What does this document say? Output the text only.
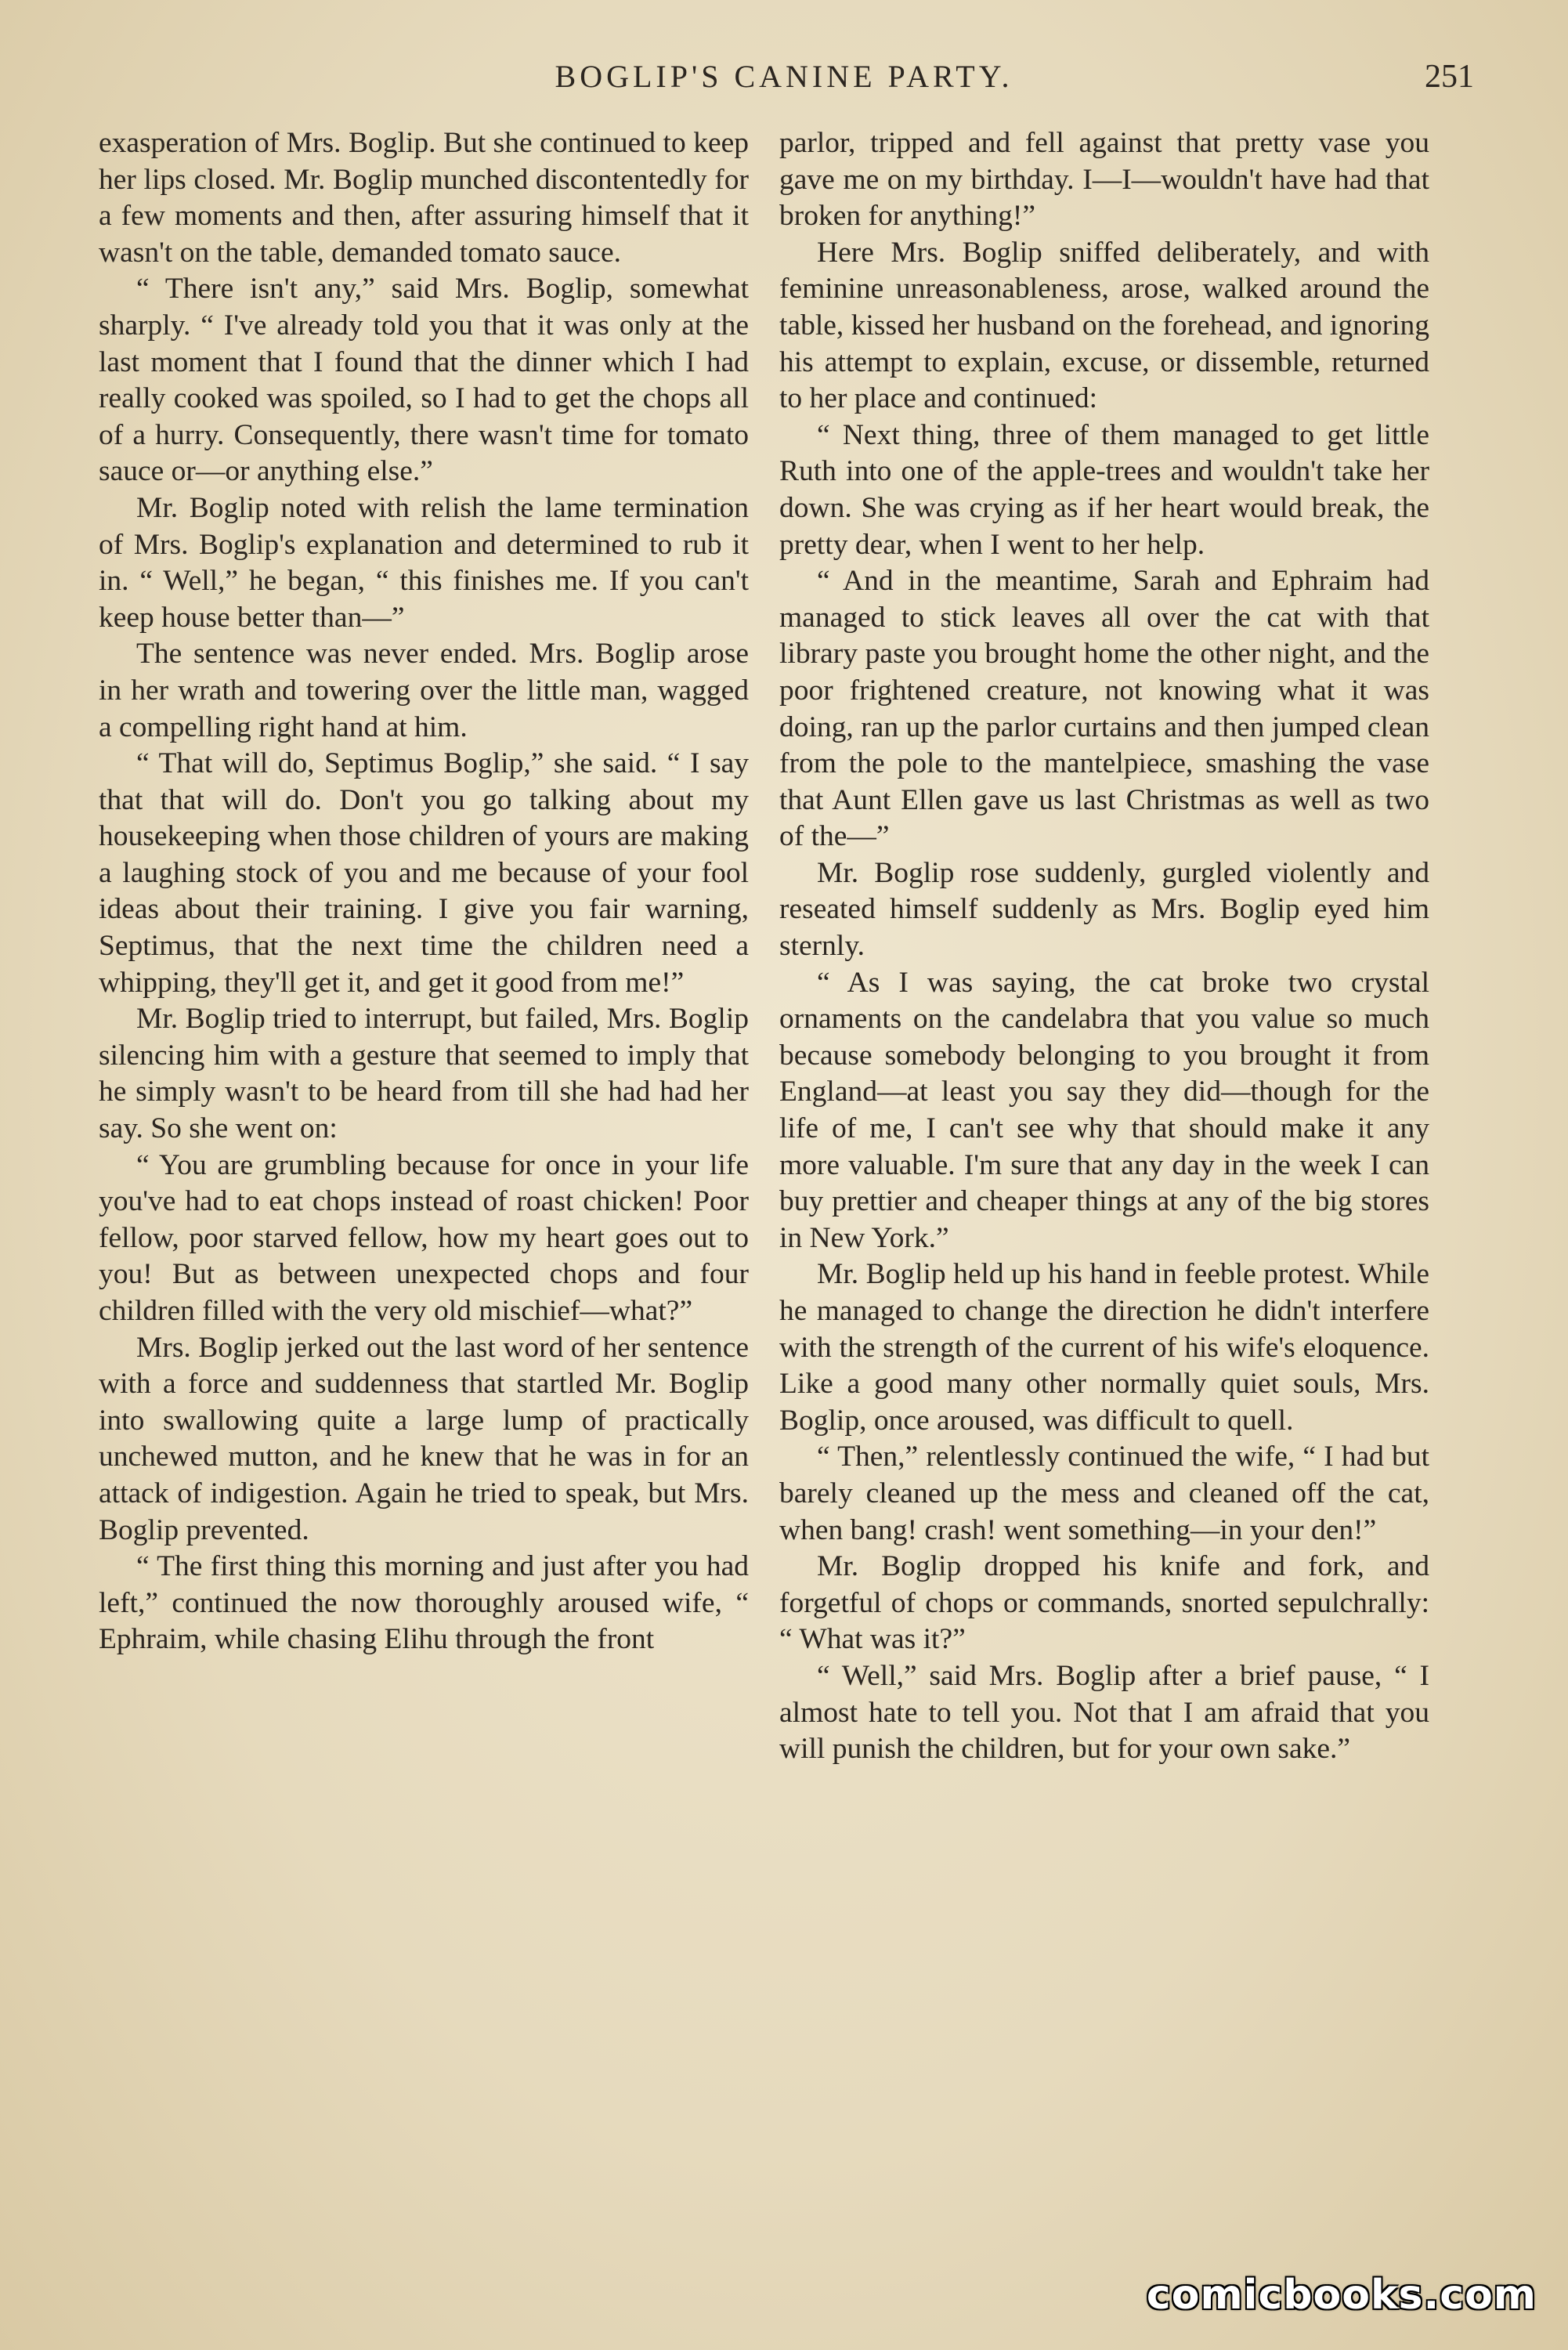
BOGLIP'S CANINE PARTY.	251

exasperation of Mrs. Boglip. But she continued to keep her lips closed. Mr. Boglip munched discontentedly for a few moments and then, after assuring himself that it wasn't on the table, demanded tomato sauce.

“ There isn't any,” said Mrs. Boglip, somewhat sharply. “ I've already told you that it was only at the last moment that I found that the dinner which I had really cooked was spoiled, so I had to get the chops all of a hurry. Consequently, there wasn't time for tomato sauce or—or anything else.”

Mr. Boglip noted with relish the lame termination of Mrs. Boglip's explanation and determined to rub it in. “ Well,” he began, “ this finishes me. If you can't keep house better than—”

The sentence was never ended. Mrs. Boglip arose in her wrath and towering over the little man, wagged a compelling right hand at him.

“ That will do, Septimus Boglip,” she said. “ I say that that will do. Don't you go talking about my housekeeping when those children of yours are making a laughing stock of you and me because of your fool ideas about their training. I give you fair warning, Septimus, that the next time the children need a whipping, they'll get it, and get it good from me!”

Mr. Boglip tried to interrupt, but failed, Mrs. Boglip silencing him with a gesture that seemed to imply that he simply wasn't to be heard from till she had had her say. So she went on:

“ You are grumbling because for once in your life you've had to eat chops instead of roast chicken! Poor fellow, poor starved fellow, how my heart goes out to you! But as between unexpected chops and four children filled with the very old mischief—what?”

Mrs. Boglip jerked out the last word of her sentence with a force and suddenness that startled Mr. Boglip into swallowing quite a large lump of practically unchewed mutton, and he knew that he was in for an attack of indigestion. Again he tried to speak, but Mrs. Boglip prevented.

“ The first thing this morning and just after you had left,” continued the now thoroughly aroused wife, “ Ephraim, while chasing Elihu through the front

parlor, tripped and fell against that pretty vase you gave me on my birthday. I—I—wouldn't have had that broken for anything!”

Here Mrs. Boglip sniffed deliberately, and with feminine unreasonableness, arose, walked around the table, kissed her husband on the forehead, and ignoring his attempt to explain, excuse, or dissemble, returned to her place and continued:

“ Next thing, three of them managed to get little Ruth into one of the apple-trees and wouldn't take her down. She was crying as if her heart would break, the pretty dear, when I went to her help.

“ And in the meantime, Sarah and Ephraim had managed to stick leaves all over the cat with that library paste you brought home the other night, and the poor frightened creature, not knowing what it was doing, ran up the parlor curtains and then jumped clean from the pole to the mantelpiece, smashing the vase that Aunt Ellen gave us last Christmas as well as two of the—”

Mr. Boglip rose suddenly, gurgled violently and reseated himself suddenly as Mrs. Boglip eyed him sternly.

“ As I was saying, the cat broke two crystal ornaments on the candelabra that you value so much because somebody belonging to you brought it from England—at least you say they did—though for the life of me, I can't see why that should make it any more valuable. I'm sure that any day in the week I can buy prettier and cheaper things at any of the big stores in New York.”

Mr. Boglip held up his hand in feeble protest. While he managed to change the direction he didn't interfere with the strength of the current of his wife's eloquence. Like a good many other normally quiet souls, Mrs. Boglip, once aroused, was difficult to quell.

“ Then,” relentlessly continued the wife, “ I had but barely cleaned up the mess and cleaned off the cat, when bang! crash! went something—in your den!”

Mr. Boglip dropped his knife and fork, and forgetful of chops or commands, snorted sepulchrally: “ What was it?”

“ Well,” said Mrs. Boglip after a brief pause, “ I almost hate to tell you. Not that I am afraid that you will punish the children, but for your own sake.”

comicbooks.com
